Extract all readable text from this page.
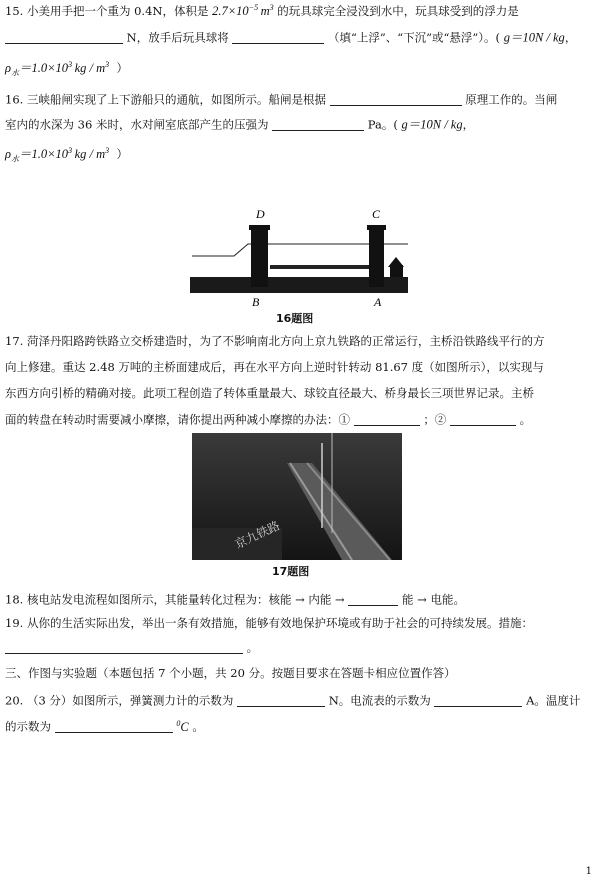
15. 小美用手把一个重为 0.4N，体积是 $2.7\times 10^{-5}$  $m^3$ 的玩具球完全浸没到水中，玩具球受到的浮力是
N，放手后玩具球将	（填“上浮”、“下沉”或“悬浮”）。( g＝10N / kg，
$\rho_水=1.0\times 10^3$  kg / $m^3$ ）
16. 三峡船闸实现了上下游船只的通航，如图所示。船闸是根据	原理工作的。当闸
室内的水深为 36 米时，水对闸室底部产生的压强为	Pa。( g＝10N / kg，
$\rho_水=1.0\times 10^3$  kg / $m^3$ ）
D	C
B	A
16题图
17. 菏泽丹阳路跨铁路立交桥建造时，为了不影响南北方向上京九铁路的正常运行，主桥沿铁路线平行的方
向上修建。重达 2.48 万吨的主桥面建成后，再在水平方向上逆时针转动 81.67 度（如图所示），以实现与
东西方向引桥的精确对接。此项工程创造了转体重量最大、球铰直径最大、桥身最长三项世界记录。主桥
面的转盘在转动时需要减小摩擦，请你提出两种减小摩擦的办法：①	；②	。
京九铁路
17题图
18. 核电站发电流程如图所示，其能量转化过程为：核能 → 内能 →	能 → 电能。
19. 从你的生活实际出发，举出一条有效措施，能够有效地保护环境或有助于社会的可持续发展。措施：
。
三、作图与实验题（本题包括 7 个小题，共 20 分。按题目要求在答题卡相应位置作答）
20. （3 分）如图所示，弹簧测力计的示数为	N。电流表的示数为	A。温度计
的示数为	$^0$C 。
1
